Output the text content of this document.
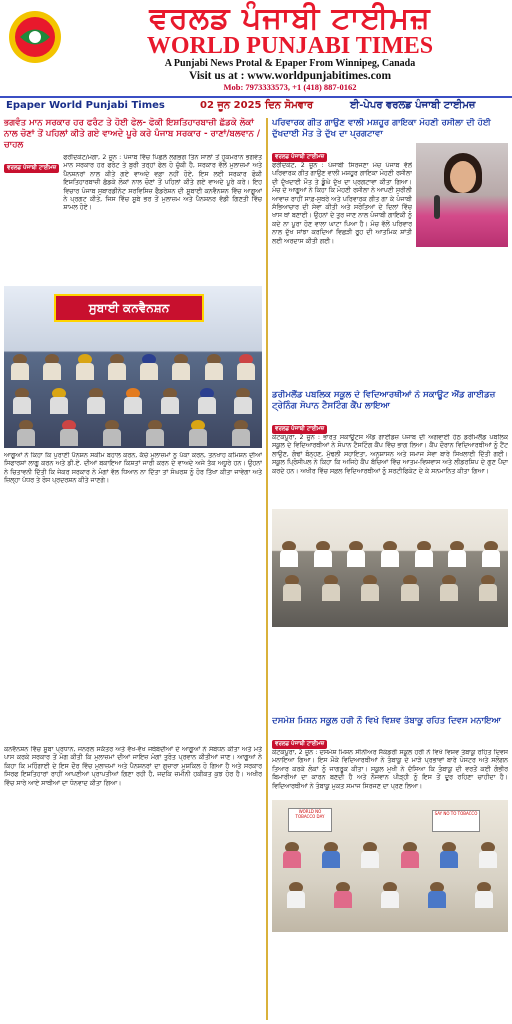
ਵਰਲਡ ਪੰਜਾਬੀ ਟਾਈਮਜ਼
WORLD PUNJABI TIMES
A Punjabi News Protal & Epaper From Winnipeg, Canada
Visit us at : www.worldpunjabitimes.com
Mob: 7973333573, +1 (418) 887-0162
Epaper World Punjabi Times	02 ਜੂਨ 2025 ਦਿਨ ਸੋਮਵਾਰ	ਈ-ਪੇਪਰ ਵਰਲਡ ਪੰਜਾਬੀ ਟਾਈਮਜ਼
ਭਗਵੰਤ ਮਾਨ ਸਰਕਾਰ ਹਰ ਫਰੰਟ ਤੇ ਹੋਈ ਫੇਲ- ਫੋਕੀ ਇਸ਼ਤਿਹਾਰਬਾਜ਼ੀ ਛੱਡਕੇ ਲੋਕਾਂ ਨਾਲ ਚੋਣਾਂ ਤੋਂ ਪਹਿਲਾਂ ਕੀਤੇ ਗਏ ਵਾਅਦੇ ਪੂਰੇ ਕਰੇ ਪੰਜਾਬ ਸਰਕਾਰ - ਰਾਣਾਂ/ਬਲਵਾਨ /ਚਾਹਲ
ਵਰਲਡ ਪੰਜਾਬੀ ਟਾਈਮਜ਼
ਫਰੀਦਕੋਟ/ਮੋਗਾ, 2 ਜੂਨ : ਪੰਜਾਬ ਵਿੱਚ ਪਿਛਲੇ ਲਗਭਗ ਤਿੰਨ ਸਾਲਾਂ ਤੋਂ ਹੁਕਮਰਾਨ ਭਗਵੰਤ ਮਾਨ ਸਰਕਾਰ ਹਰ ਫਰੰਟ ਤੇ ਬੁਰੀ ਤਰ੍ਹਾਂ ਫੇਲ ਹੋ ਚੁੱਕੀ ਹੈ, ਸਰਕਾਰ ਵੱਲੋਂ ਮੁਲਾਜ਼ਮਾਂ ਅਤੇ ਪੈਨਸ਼ਨਰਾਂ ਨਾਲ ਕੀਤੇ ਗਏ ਵਾਅਦੇ ਵਫ਼ਾ ਨਹੀਂ ਹੋਏ, ਇਸ ਲਈ ਸਰਕਾਰ ਫੋਕੀ ਇਸ਼ਤਿਹਾਰਬਾਜ਼ੀ ਛੱਡਕੇ ਲੋਕਾਂ ਨਾਲ ਚੋਣਾਂ ਤੋਂ ਪਹਿਲਾਂ ਕੀਤੇ ਗਏ ਵਾਅਦੇ ਪੂਰੇ ਕਰੇ। ਇਹ ਵਿਚਾਰ ਪੰਜਾਬ ਸੁਬਾਰਡੀਨੇਟ ਸਰਵਿਸਿਜ਼ ਫੈਡਰੇਸ਼ਨ ਦੀ ਸੂਬਾਈ ਕਨਵੈਨਸ਼ਨ ਵਿੱਚ ਆਗੂਆਂ ਨੇ ਪ੍ਰਗਟ ਕੀਤੇ, ਜਿਸ ਵਿੱਚ ਸੂਬੇ ਭਰ ਤੋਂ ਮੁਲਾਜ਼ਮ ਅਤੇ ਪੈਨਸ਼ਨਰ ਵੱਡੀ ਗਿਣਤੀ ਵਿੱਚ ਸ਼ਾਮਲ ਹੋਏ।
ਸੁਬਾਈ ਕਨਵੈਨਸ਼ਨ
ਆਗੂਆਂ ਨੇ ਕਿਹਾ ਕਿ ਪੁਰਾਣੀ ਪੈਨਸ਼ਨ ਸਕੀਮ ਬਹਾਲ ਕਰਨ, ਕੱਚੇ ਮੁਲਾਜ਼ਮਾਂ ਨੂੰ ਪੱਕਾ ਕਰਨ, ਤਨਖਾਹ ਕਮਿਸ਼ਨ ਦੀਆਂ ਸਿਫਾਰਸ਼ਾਂ ਲਾਗੂ ਕਰਨ ਅਤੇ ਡੀ.ਏ. ਦੀਆਂ ਬਕਾਇਆ ਕਿਸ਼ਤਾਂ ਜਾਰੀ ਕਰਨ ਦੇ ਵਾਅਦੇ ਅਜੇ ਤੱਕ ਅਧੂਰੇ ਹਨ। ਉਹਨਾਂ ਨੇ ਚਿਤਾਵਨੀ ਦਿੱਤੀ ਕਿ ਜੇਕਰ ਸਰਕਾਰ ਨੇ ਮੰਗਾਂ ਵੱਲ ਧਿਆਨ ਨਾ ਦਿੱਤਾ ਤਾਂ ਸੰਘਰਸ਼ ਨੂੰ ਹੋਰ ਤਿੱਖਾ ਕੀਤਾ ਜਾਵੇਗਾ ਅਤੇ ਜ਼ਿਲ੍ਹਾ ਪੱਧਰ ਤੇ ਰੋਸ ਪ੍ਰਦਰਸ਼ਨ ਕੀਤੇ ਜਾਣਗੇ।
ਕਨਵੈਨਸ਼ਨ ਵਿੱਚ ਸੂਬਾ ਪ੍ਰਧਾਨ, ਜਨਰਲ ਸਕੱਤਰ ਅਤੇ ਵੱਖ-ਵੱਖ ਜਥੇਬੰਦੀਆਂ ਦੇ ਆਗੂਆਂ ਨੇ ਸੰਬੋਧਨ ਕੀਤਾ ਅਤੇ ਮਤੇ ਪਾਸ ਕਰਕੇ ਸਰਕਾਰ ਤੋਂ ਮੰਗ ਕੀਤੀ ਕਿ ਮੁਲਾਜ਼ਮਾਂ ਦੀਆਂ ਜਾਇਜ਼ ਮੰਗਾਂ ਤੁਰੰਤ ਪ੍ਰਵਾਨ ਕੀਤੀਆਂ ਜਾਣ। ਆਗੂਆਂ ਨੇ ਕਿਹਾ ਕਿ ਮਹਿੰਗਾਈ ਦੇ ਇਸ ਦੌਰ ਵਿੱਚ ਮੁਲਾਜ਼ਮਾਂ ਅਤੇ ਪੈਨਸ਼ਨਰਾਂ ਦਾ ਗੁਜ਼ਾਰਾ ਮੁਸ਼ਕਿਲ ਹੋ ਗਿਆ ਹੈ ਅਤੇ ਸਰਕਾਰ ਸਿਰਫ ਇਸ਼ਤਿਹਾਰਾਂ ਰਾਹੀਂ ਆਪਣੀਆਂ ਪ੍ਰਾਪਤੀਆਂ ਗਿਣਾ ਰਹੀ ਹੈ, ਜਦਕਿ ਜ਼ਮੀਨੀ ਹਕੀਕਤ ਕੁਝ ਹੋਰ ਹੈ। ਅਖੀਰ ਵਿੱਚ ਸਾਰੇ ਆਏ ਸਾਥੀਆਂ ਦਾ ਧੰਨਵਾਦ ਕੀਤਾ ਗਿਆ।
ਪਰਿਵਾਰਕ ਗੀਤ ਗਾਉਣ ਵਾਲੀ ਮਸ਼ਹੂਰ ਗਾਇਕਾ ਮੋਹਣੀ ਰਸੀਲਾ ਦੀ ਹੋਈ ਦੁੱਖਦਾਈ ਮੌਤ ਤੇ ਦੁੱਖ ਦਾ ਪ੍ਰਗਟਾਵਾ
ਵਰਲਡ ਪੰਜਾਬੀ ਟਾਈਮਜ਼
ਫਰੀਦਕੋਟ, 2 ਜੂਨ : ਪੰਜਾਬੀ ਸਿਰਜਣਾ ਮੰਚ ਪੰਜਾਬ ਵੱਲੋਂ ਪਰਿਵਾਰਕ ਗੀਤ ਗਾਉਣ ਵਾਲੀ ਮਸ਼ਹੂਰ ਗਾਇਕਾ ਮੋਹਣੀ ਰਸੀਲਾ ਦੀ ਦੁੱਖਦਾਈ ਮੌਤ ਤੇ ਡੂੰਘੇ ਦੁੱਖ ਦਾ ਪ੍ਰਗਟਾਵਾ ਕੀਤਾ ਗਿਆ। ਮੰਚ ਦੇ ਆਗੂਆਂ ਨੇ ਕਿਹਾ ਕਿ ਮੋਹਣੀ ਰਸੀਲਾ ਨੇ ਆਪਣੀ ਸੁਰੀਲੀ ਆਵਾਜ਼ ਰਾਹੀਂ ਸਾਫ਼-ਸੁਥਰੇ ਅਤੇ ਪਰਿਵਾਰਕ ਗੀਤ ਗਾ ਕੇ ਪੰਜਾਬੀ ਸੱਭਿਆਚਾਰ ਦੀ ਸੇਵਾ ਕੀਤੀ ਅਤੇ ਸਰੋਤਿਆਂ ਦੇ ਦਿਲਾਂ ਵਿੱਚ ਖਾਸ ਥਾਂ ਬਣਾਈ। ਉਹਨਾਂ ਦੇ ਤੁਰ ਜਾਣ ਨਾਲ ਪੰਜਾਬੀ ਗਾਇਕੀ ਨੂੰ ਕਦੇ ਨਾ ਪੂਰਾ ਹੋਣ ਵਾਲਾ ਘਾਟਾ ਪਿਆ ਹੈ। ਮੰਚ ਵੱਲੋਂ ਪਰਿਵਾਰ ਨਾਲ ਦੁੱਖ ਸਾਂਝਾ ਕਰਦਿਆਂ ਵਿਛੜੀ ਰੂਹ ਦੀ ਆਤਮਿਕ ਸ਼ਾਂਤੀ ਲਈ ਅਰਦਾਸ ਕੀਤੀ ਗਈ।
ਡਰੀਮਲੈਂਡ ਪਬਲਿਕ ਸਕੂਲ ਦੇ ਵਿਦਿਆਰਥੀਆਂ ਨੇ ਸਕਾਊਟ ਐਂਡ ਗਾਈਡਜ਼ ਟ੍ਰੇਨਿੰਗ ਸੋਪਾਨ ਟੈਸਟਿੰਗ ਕੈਂਪ ਲਾਇਆ
ਵਰਲਡ ਪੰਜਾਬੀ ਟਾਈਮਜ਼
ਕੋਟਕਪੂਰਾ, 2 ਜੂਨ : ਭਾਰਤ ਸਕਾਊਟਸ ਐਂਡ ਗਾਈਡਜ਼ ਪੰਜਾਬ ਦੀ ਅਗਵਾਈ ਹੇਠ ਡਰੀਮਲੈਂਡ ਪਬਲਿਕ ਸਕੂਲ ਦੇ ਵਿਦਿਆਰਥੀਆਂ ਨੇ ਸੋਪਾਨ ਟੈਸਟਿੰਗ ਕੈਂਪ ਵਿੱਚ ਭਾਗ ਲਿਆ। ਕੈਂਪ ਦੌਰਾਨ ਵਿਦਿਆਰਥੀਆਂ ਨੂੰ ਟੈਂਟ ਲਾਉਣ, ਗੰਢਾਂ ਬੰਨ੍ਹਣ, ਮੁੱਢਲੀ ਸਹਾਇਤਾ, ਅਨੁਸ਼ਾਸਨ ਅਤੇ ਸਮਾਜ ਸੇਵਾ ਬਾਰੇ ਸਿਖਲਾਈ ਦਿੱਤੀ ਗਈ। ਸਕੂਲ ਪ੍ਰਿੰਸੀਪਲ ਨੇ ਕਿਹਾ ਕਿ ਅਜਿਹੇ ਕੈਂਪ ਬੱਚਿਆਂ ਵਿੱਚ ਆਤਮ-ਵਿਸ਼ਵਾਸ ਅਤੇ ਲੀਡਰਸ਼ਿਪ ਦੇ ਗੁਣ ਪੈਦਾ ਕਰਦੇ ਹਨ। ਅਖੀਰ ਵਿੱਚ ਸਫ਼ਲ ਵਿਦਿਆਰਥੀਆਂ ਨੂੰ ਸਰਟੀਫਿਕੇਟ ਦੇ ਕੇ ਸਨਮਾਨਿਤ ਕੀਤਾ ਗਿਆ।
ਦਸਮੇਸ਼ ਮਿਸ਼ਨ ਸਕੂਲ ਹਰੀ ਨੌ ਵਿਖੇ ਵਿਸ਼ਵ ਤੰਬਾਕੂ ਰਹਿਤ ਦਿਵਸ ਮਨਾਇਆ
ਵਰਲਡ ਪੰਜਾਬੀ ਟਾਈਮਜ਼
ਕੋਟਕਪੂਰਾ, 2 ਜੂਨ : ਦਸਮੇਸ਼ ਮਿਸ਼ਨ ਸੀਨੀਅਰ ਸੈਕੰਡਰੀ ਸਕੂਲ ਹਰੀ ਨੌ ਵਿਖੇ ਵਿਸ਼ਵ ਤੰਬਾਕੂ ਰਹਿਤ ਦਿਵਸ ਮਨਾਇਆ ਗਿਆ। ਇਸ ਮੌਕੇ ਵਿਦਿਆਰਥੀਆਂ ਨੇ ਤੰਬਾਕੂ ਦੇ ਮਾੜੇ ਪ੍ਰਭਾਵਾਂ ਬਾਰੇ ਪੋਸਟਰ ਅਤੇ ਸਲੋਗਨ ਤਿਆਰ ਕਰਕੇ ਲੋਕਾਂ ਨੂੰ ਜਾਗਰੂਕ ਕੀਤਾ। ਸਕੂਲ ਮੁਖੀ ਨੇ ਦੱਸਿਆ ਕਿ ਤੰਬਾਕੂ ਦੀ ਵਰਤੋਂ ਕਈ ਗੰਭੀਰ ਬਿਮਾਰੀਆਂ ਦਾ ਕਾਰਨ ਬਣਦੀ ਹੈ ਅਤੇ ਨੌਜਵਾਨ ਪੀੜ੍ਹੀ ਨੂੰ ਇਸ ਤੋਂ ਦੂਰ ਰਹਿਣਾ ਚਾਹੀਦਾ ਹੈ। ਵਿਦਿਆਰਥੀਆਂ ਨੇ ਤੰਬਾਕੂ ਮੁਕਤ ਸਮਾਜ ਸਿਰਜਣ ਦਾ ਪ੍ਰਣ ਲਿਆ।
WORLD NO TOBACCO DAY
SAY NO TO TOBACCO
